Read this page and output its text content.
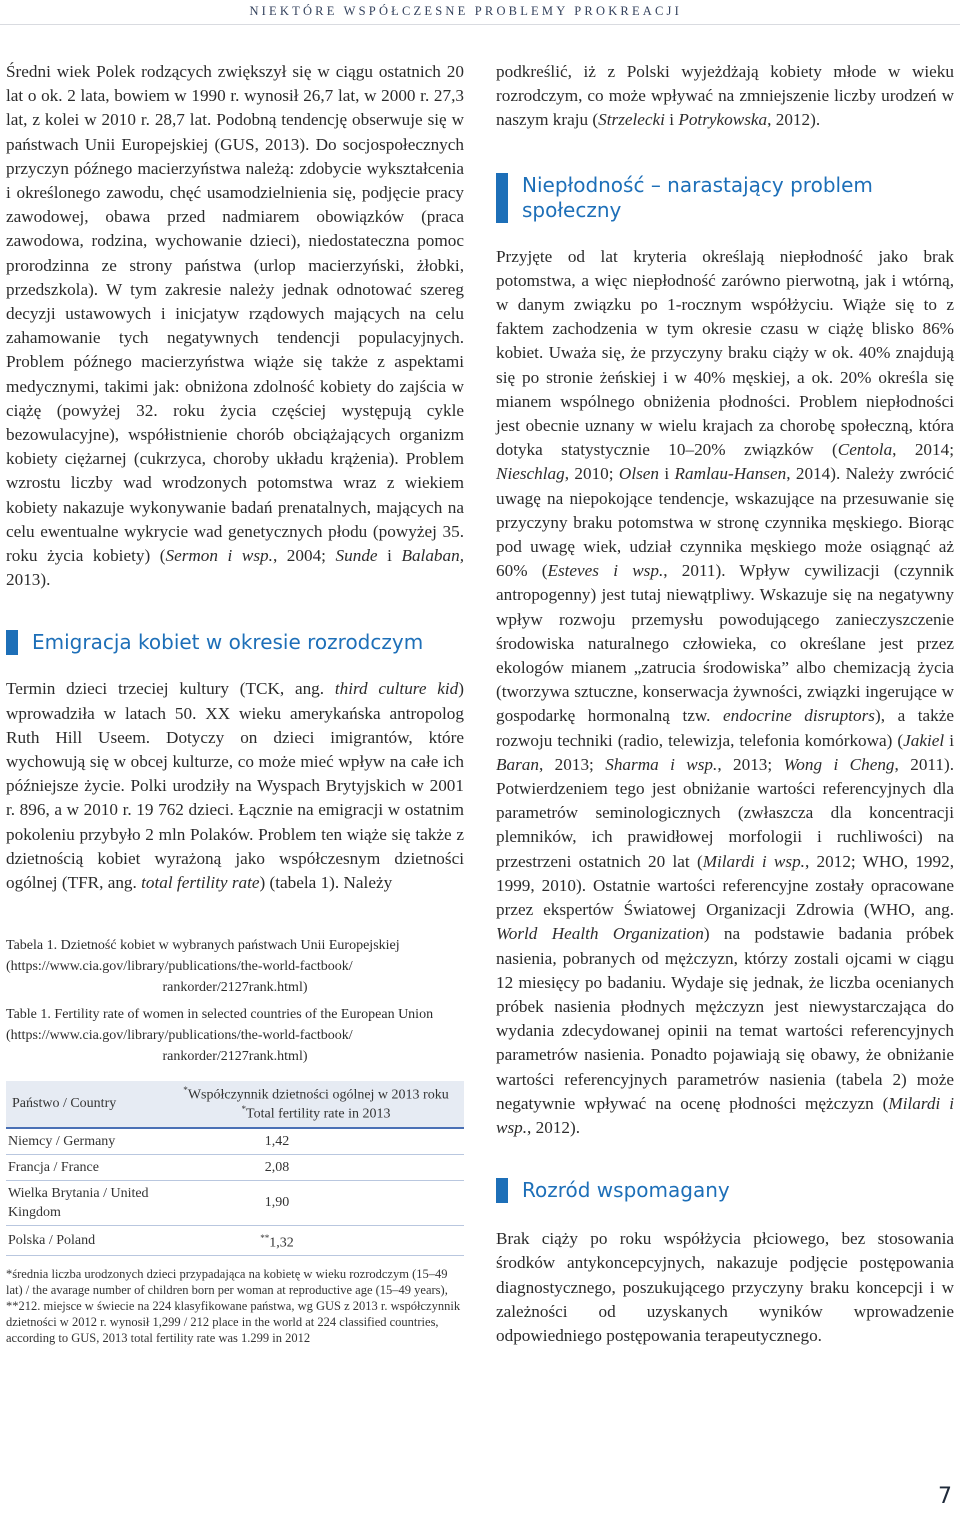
NIEKTÓRE WSPÓŁCZESNE PROBLEMY PROKREACJI

Średni wiek Polek rodzących zwiększył się w ciągu ostatnich 20 lat o ok. 2 lata, bowiem w 1990 r. wynosił 26,7 lat, w 2000 r. 27,3 lat, z kolei w 2010 r. 28,7 lat. Podobną tendencję obserwuje się w państwach Unii Europejskiej (GUS, 2013). Do socjospołecznych przyczyn późnego macierzyństwa należą: zdobycie wykształcenia i określonego zawodu, chęć usamodzielnienia się, podjęcie pracy zawodowej, obawa przed nadmiarem obowiązków (praca zawodowa, rodzina, wychowanie dzieci), niedostateczna pomoc prorodzinna ze strony państwa (urlop macierzyński, żłobki, przedszkola). W tym zakresie należy jednak odnotować szereg decyzji ustawowych i inicjatyw rządowych mających na celu zahamowanie tych negatywnych tendencji populacyjnych. Problem późnego macierzyństwa wiąże się także z aspektami medycznymi, takimi jak: obniżona zdolność kobiety do zajścia w ciążę (powyżej 32. roku życia częściej występują cykle bezowulacyjne), współistnienie chorób obciążających organizm kobiety ciężarnej (cukrzyca, choroby układu krążenia). Problem wzrostu liczby wad wrodzonych potomstwa wraz z wiekiem kobiety nakazuje wykonywanie badań prenatalnych, mających na celu ewentualne wykrycie wad genetycznych płodu (powyżej 35. roku życia kobiety) (Sermon i wsp., 2004; Sunde i Balaban, 2013).

Emigracja kobiet w okresie rozrodczym

Termin dzieci trzeciej kultury (TCK, ang. third culture kid) wprowadziła w latach 50. XX wieku amerykańska antropolog Ruth Hill Useem. Dotyczy on dzieci imigrantów, które wychowują się w obcej kulturze, co może mieć wpływ na całe ich późniejsze życie. Polki urodziły na Wyspach Brytyjskich w 2001 r. 896, a w 2010 r. 19 762 dzieci. Łącznie na emigracji w ostatnim pokoleniu przybyło 2 mln Polaków. Problem ten wiąże się także z dzietnością kobiet wyrażoną jako współczesnym dzietności ogólnej (TFR, ang. total fertility rate) (tabela 1). Należy

Tabela 1. Dzietność kobiet w wybranych państwach Unii Europejskiej (https://www.cia.gov/library/publications/the-world-factbook/
rankorder/2127rank.html)
Table 1. Fertility rate of women in selected countries of the European Union (https://www.cia.gov/library/publications/the-world-factbook/
rankorder/2127rank.html)
Państwo / Country	*Współczynnik dzietności ogólnej w 2013 roku
*Total fertility rate in 2013

Niemcy / Germany	1,42
Francja / France	2,08
Wielka Brytania / United Kingdom	1,90
Polska / Poland	**1,32

*średnia liczba urodzonych dzieci przypadająca na kobietę w wieku rozrodczym (15–49 lat) / the avarage number of children born per woman at reproductive age (15–49 years),

**212. miejsce w świecie na 224 klasyfikowane państwa, wg GUS z 2013 r. współczynnik dzietności w 2012 r. wynosił 1,299 / 212 place in the world at 224 classified countries, according to GUS, 2013 total fertility rate was 1.299 in 2012

podkreślić, iż z Polski wyjeżdżają kobiety młode w wieku rozrodczym, co może wpływać na zmniejszenie liczby urodzeń w naszym kraju (Strzelecki i Potrykowska, 2012).

Niepłodność – narastający problem społeczny

Przyjęte od lat kryteria określają niepłodność jako brak potomstwa, a więc niepłodność zarówno pierwotną, jak i wtórną, w danym związku po 1-rocznym współżyciu. Wiąże się to z faktem zachodzenia w tym okresie czasu w ciążę blisko 86% kobiet. Uważa się, że przyczyny braku ciąży w ok. 40% znajdują się po stronie żeńskiej i w 40% męskiej, a ok. 20% określa się mianem wspólnego obniżenia płodności. Problem niepłodności jest obecnie uznany w wielu krajach za chorobę społeczną, która dotyka statystycznie 10–20% związków (Centola, 2014; Nieschlag, 2010; Olsen i Ramlau-Hansen, 2014). Należy zwrócić uwagę na niepokojące tendencje, wskazujące na przesuwanie się przyczyny braku potomstwa w stronę czynnika męskiego. Biorąc pod uwagę wiek, udział czynnika męskiego może osiągnąć aż 60% (Esteves i wsp., 2011). Wpływ cywilizacji (czynnik antropogenny) jest tutaj niewątpliwy. Wskazuje się na negatywny wpływ rozwoju przemysłu powodującego zanieczyszczenie środowiska naturalnego człowieka, co określane jest przez ekologów mianem „zatrucia środowiska” albo chemizacją życia (tworzywa sztuczne, konserwacja żywności, związki ingerujące w gospodarkę hormonalną tzw. endocrine disruptors), a także rozwoju techniki (radio, telewizja, telefonia komórkowa) (Jakiel i Baran, 2013; Sharma i wsp., 2013; Wong i Cheng, 2011). Potwierdzeniem tego jest obniżanie wartości referencyjnych dla parametrów seminologicznych (zwłaszcza dla koncentracji plemników, ich prawidłowej morfologii i ruchliwości) na przestrzeni ostatnich 20 lat (Milardi i wsp., 2012; WHO, 1992, 1999, 2010). Ostatnie wartości referencyjne zostały opracowane przez ekspertów Światowej Organizacji Zdrowia (WHO, ang. World Health Organization) na podstawie badania próbek nasienia, pobranych od mężczyzn, którzy zostali ojcami w ciągu 12 miesięcy po badaniu. Wydaje się jednak, że liczba ocenianych próbek nasienia płodnych mężczyzn jest niewystarczająca do wydania zdecydowanej opinii na temat wartości referencyjnych parametrów nasienia. Ponadto pojawiają się obawy, że obniżanie wartości referencyjnych parametrów nasienia (tabela 2) może negatywnie wpływać na ocenę płodności mężczyzn (Milardi i wsp., 2012).

Rozród wspomagany

Brak ciąży po roku współżycia płciowego, bez stosowania środków antykoncepcyjnych, nakazuje podjęcie postępowania diagnostycznego, poszukującego przyczyny braku koncepcji i w zależności od uzyskanych wyników wprowadzenie odpowiedniego postępowania terapeutycznego.

7
